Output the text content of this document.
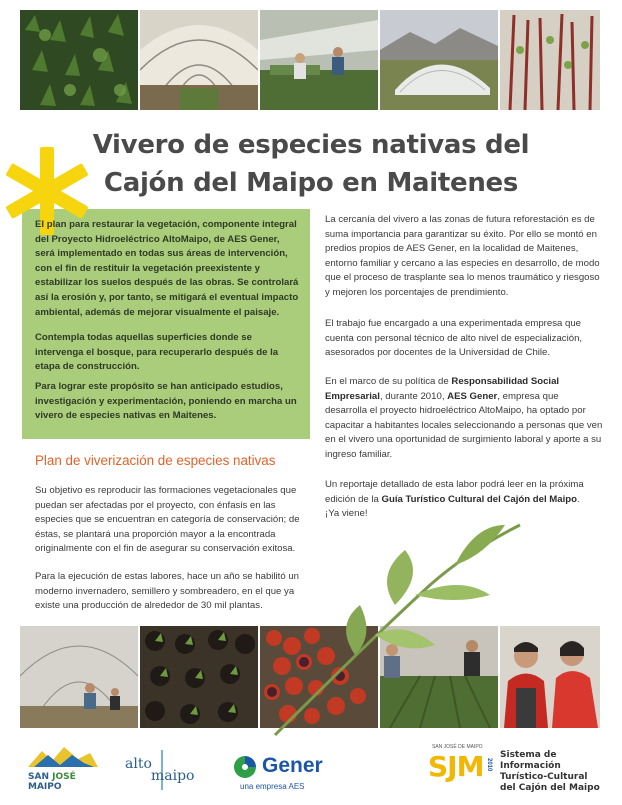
Vivero de especies nativas del
Cajón del Maipo en Maitenes

El plan para restaurar la vegetación, componente integral del Proyecto Hidroeléctrico AltoMaipo, de AES Gener, será implementado en todas sus áreas de intervención, con el fin de restituir la vegetación preexistente y estabilizar los suelos después de las obras. Se controlará así la erosión y, por tanto, se mitigará el eventual impacto ambiental, además de mejorar visualmente el paisaje.

Contempla todas aquellas superficies donde se intervenga el bosque, para recuperarlo después de la etapa de construcción.

Para lograr este propósito se han anticipado estudios, investigación y experimentación, poniendo en marcha un vivero de especies nativas en Maitenes.

Plan de viverización de especies nativas

Su objetivo es reproducir las formaciones vegetacionales que puedan ser afectadas por el proyecto, con énfasis en las especies que se encuentran en categoría de conservación; de éstas, se plantará una proporción mayor a la encontrada originalmente con el fin de asegurar su conservación exitosa.

Para la ejecución de estas labores, hace un año se habilitó un moderno invernadero, semillero y sombreadero, en el que ya existe una producción de alrededor de 30 mil plantas.

La cercanía del vivero a las zonas de futura reforestación es de suma importancia para garantizar su éxito. Por ello se montó en predios propios de AES Gener, en la localidad de Maitenes, entorno familiar y cercano a las especies en desarrollo, de modo que el proceso de trasplante sea lo menos traumático y riesgoso y mejoren los porcentajes de prendimiento.

El trabajo fue encargado a una experimentada empresa que cuenta con personal técnico de alto nivel de especialización, asesorados por docentes de la Universidad de Chile.

En el marco de su política de Responsabilidad Social Empresarial, durante 2010, AES Gener, empresa que desarrolla el proyecto hidroeléctrico AltoMaipo, ha optado por capacitar a habitantes locales seleccionando a personas que ven en el vivero una oportunidad de surgimiento laboral y aporte a su ingreso familiar.

Un reportaje detallado de esta labor podrá leer en la próxima edición de la Guía Turístico Cultural del Cajón del Maipo.
¡Ya viene!

SAN JOSÉ
MAIPO
alto
maipo	Gener
una empresa AES
SAN JOSÉ DE MAIPO
SJM 2010
Sistema de Información
Turístico-Cultural
del Cajón del Maipo
